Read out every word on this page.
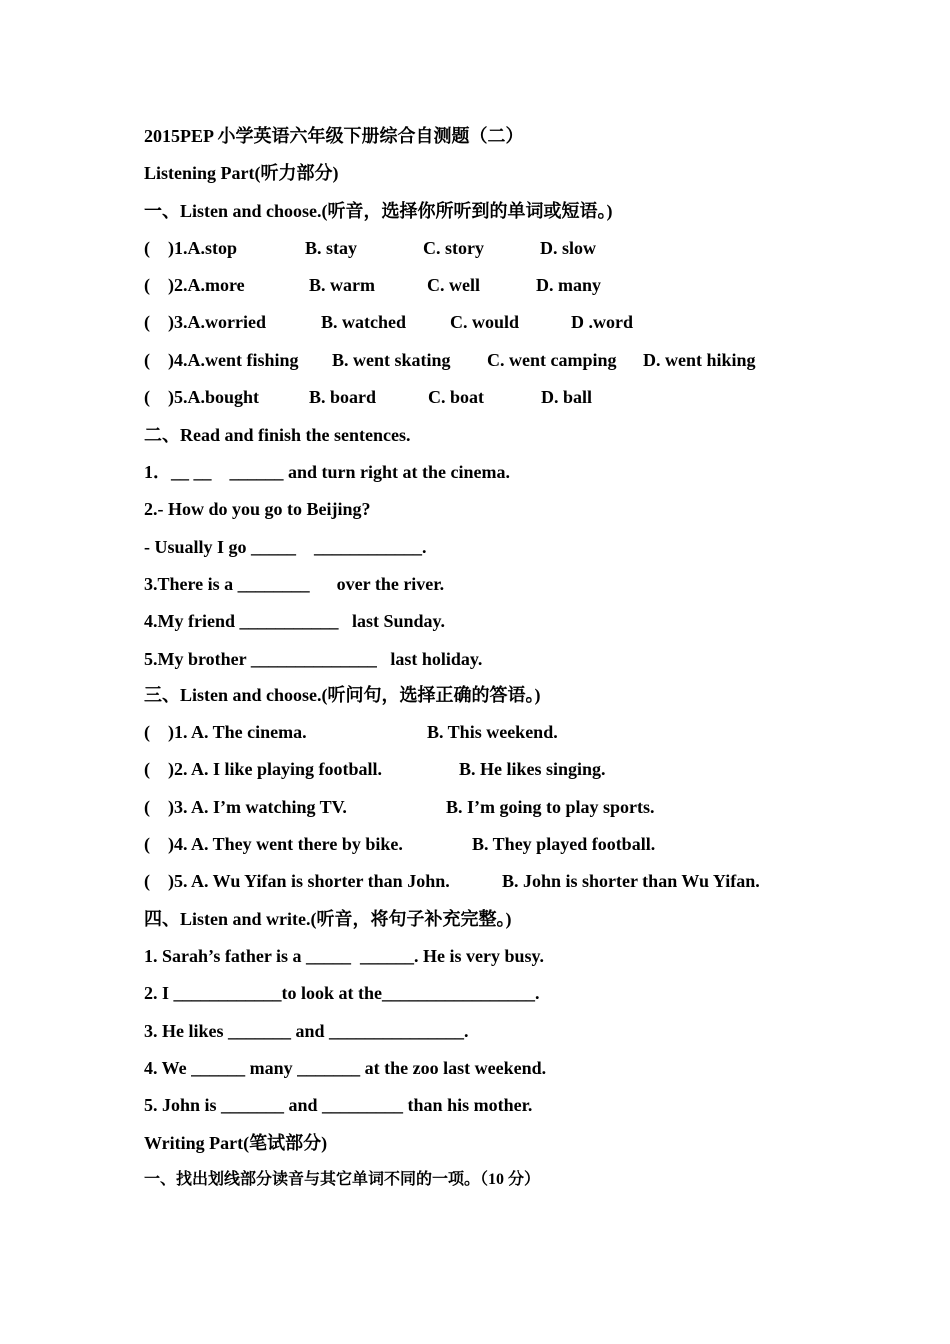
2015PEP 小学英语六年级下册综合自测题（二）
Listening Part(听力部分)
一、Listen and choose.(听音，选择你所听到的单词或短语。)

(    )1.A.stop

	B. stay

	C. story

	D. slow

(    )2.A.more

	B. warm

	C. well

	D. many

(    )3.A.worried

	B. watched

C. would

	D .word

(    )4.A.went fishing

B. went skating

C. went camping

D. went hiking

(    )5.A.bought

	B. board

	C. boat

	D. ball

二、Read and finish the sentences.
1．__ __    ______ and turn right at the cinema.
2.- How do you go to Beijing?
- Usually I go _____    ____________.
3.There is a ________      over the river.
4.My friend ___________   last Sunday.
5.My brother ______________   last holiday.
三、Listen and choose.(听问句，选择正确的答语。)

(    )1. A. The cinema.

	B. This weekend.

(    )2. A. I like playing football.

	B. He likes singing.

(    )3. A. I’m watching TV.

	B. I’m going to play sports.

(    )4. A. They went there by bike.

	B. They played football.

(    )5. A. Wu Yifan is shorter than John.

	B. John is shorter than Wu Yifan.

四、Listen and write.(听音，将句子补充完整。)
1. Sarah’s father is a _____  ______. He is very busy.
2. I ____________to look at the_________________.
3. He likes _______ and _______________.
4. We ______ many _______ at the zoo last weekend.
5. John is _______ and _________ than his mother.
Writing Part(笔试部分)
一、找出划线部分读音与其它单词不同的一项。（10 分）
